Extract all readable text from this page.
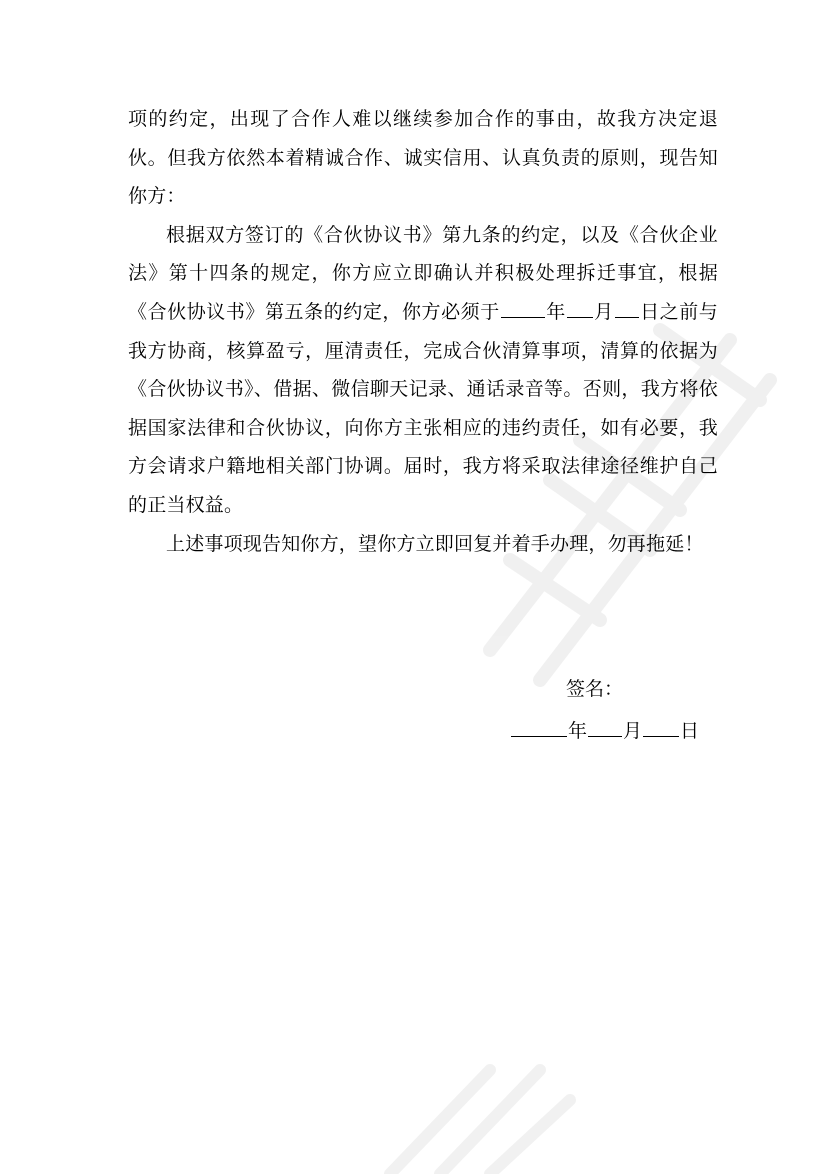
项的约定，出现了合作人难以继续参加合作的事由，故我方决定退伙。但我方依然本着精诚合作、诚实信用、认真负责的原则，现告知你方：

根据双方签订的《合伙协议书》第九条的约定，以及《合伙企业法》第十四条的规定，你方应立即确认并积极处理拆迁事宜，根据《合伙协议书》第五条的约定，你方必须于 年 月 日之前与我方协商，核算盈亏，厘清责任，完成合伙清算事项，清算的依据为《合伙协议书》、借据、微信聊天记录、通话录音等。否则，我方将依据国家法律和合伙协议，向你方主张相应的违约责任，如有必要，我方会请求户籍地相关部门协调。届时，我方将采取法律途径维护自己的正当权益。

上述事项现告知你方，望你方立即回复并着手办理，勿再拖延！

签名：
年 月 日
